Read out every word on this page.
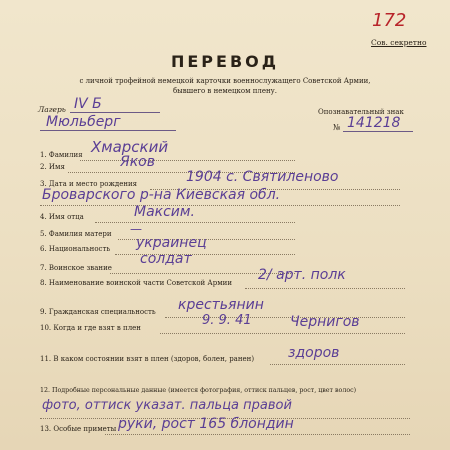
172
Сов. секретно
ПЕРЕВОД
с личной трофейной немецкой карточки военнослужащего Советской Армии,
бывшего в немецком плену.
Лагерь IV Б
Мюльберг
Опознавательный знак
№ 141218
1. Фамилия Хмарский
2. Имя	Яков
3. Дата и место рождения	1904 с. Святиленово
Броварского р-на Киевская обл.
4. Имя отца	Максим.
5. Фамилия матери —
6. Национальность украинец
7. Воинское звание
солдат
8. Наименование воинской части Советской Армии 2/ арт. полк
9. Гражданская специальность крестьянин
10. Когда и где взят в плен	9. 9. 41	Чернигов
11. В каком состоянии взят в плен (здоров, болен, ранен) здоров
12. Подробные персональные данные (имеется фотография, оттиск пальцев, рост, цвет волос)
фото, оттиск указат. пальца правой
13. Особые приметы руки, рост 165 блондин
